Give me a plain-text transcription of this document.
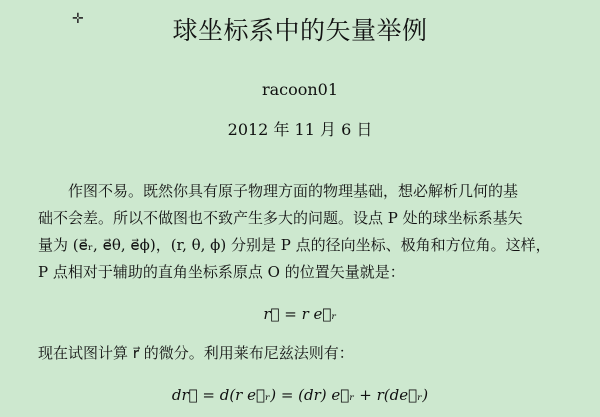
✛	球坐标系中的矢量举例
racoon01
2012 年 11 月 6 日
作图不易。既然你具有原子物理方面的物理基础，想必解析几何的基
础不会差。所以不做图也不致产生多大的问题。设点 P 处的球坐标系基矢
量为 (e⃗ᵣ, e⃗θ, e⃗ϕ)，(r, θ, ϕ) 分别是 P 点的径向坐标、极角和方位角。这样，
P 点相对于辅助的直角坐标系原点 O 的位置矢量就是：
r⃗ = r e⃗ᵣ
现在试图计算 r⃗ 的微分。利用莱布尼兹法则有：
dr⃗ = d(r e⃗ᵣ) = (dr) e⃗ᵣ + r(de⃗ᵣ)
